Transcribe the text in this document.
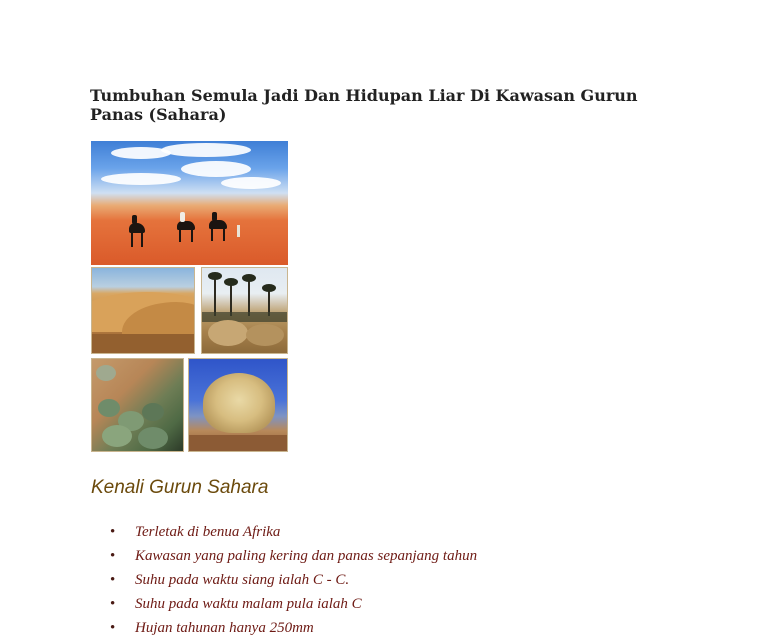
Tumbuhan Semula Jadi Dan Hidupan Liar Di Kawasan Gurun Panas (Sahara)
Kenali Gurun Sahara
• Terletak di benua Afrika
• Kawasan yang paling kering dan panas sepanjang tahun
• Suhu pada waktu siang ialah C - C.
• Suhu pada waktu malam pula ialah C
• Hujan tahunan hanya 250mm
